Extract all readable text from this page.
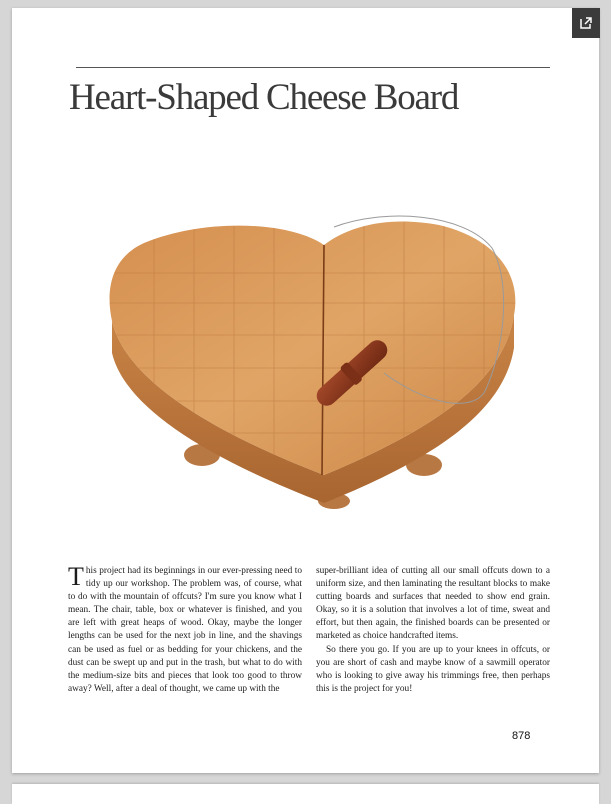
Heart-Shaped Cheese Board

This project had its beginnings in our ever-pressing need to tidy up our workshop. The problem was, of course, what to do with the mountain of offcuts? I'm sure you know what I mean. The chair, table, box or whatever is finished, and you are left with great heaps of wood. Okay, maybe the longer lengths can be used for the next job in line, and the shavings can be used as fuel or as bedding for your chickens, and the dust can be swept up and put in the trash, but what to do with the medium-size bits and pieces that look too good to throw away? Well, after a deal of thought, we came up with the

super-brilliant idea of cutting all our small offcuts down to a uniform size, and then laminating the resultant blocks to make cutting boards and surfaces that needed to show end grain. Okay, so it is a solution that involves a lot of time, sweat and effort, but then again, the finished boards can be presented or marketed as choice handcrafted items.

So there you go. If you are up to your knees in offcuts, or you are short of cash and maybe know of a sawmill operator who is looking to give away his trimmings free, then perhaps this is the project for you!

878
